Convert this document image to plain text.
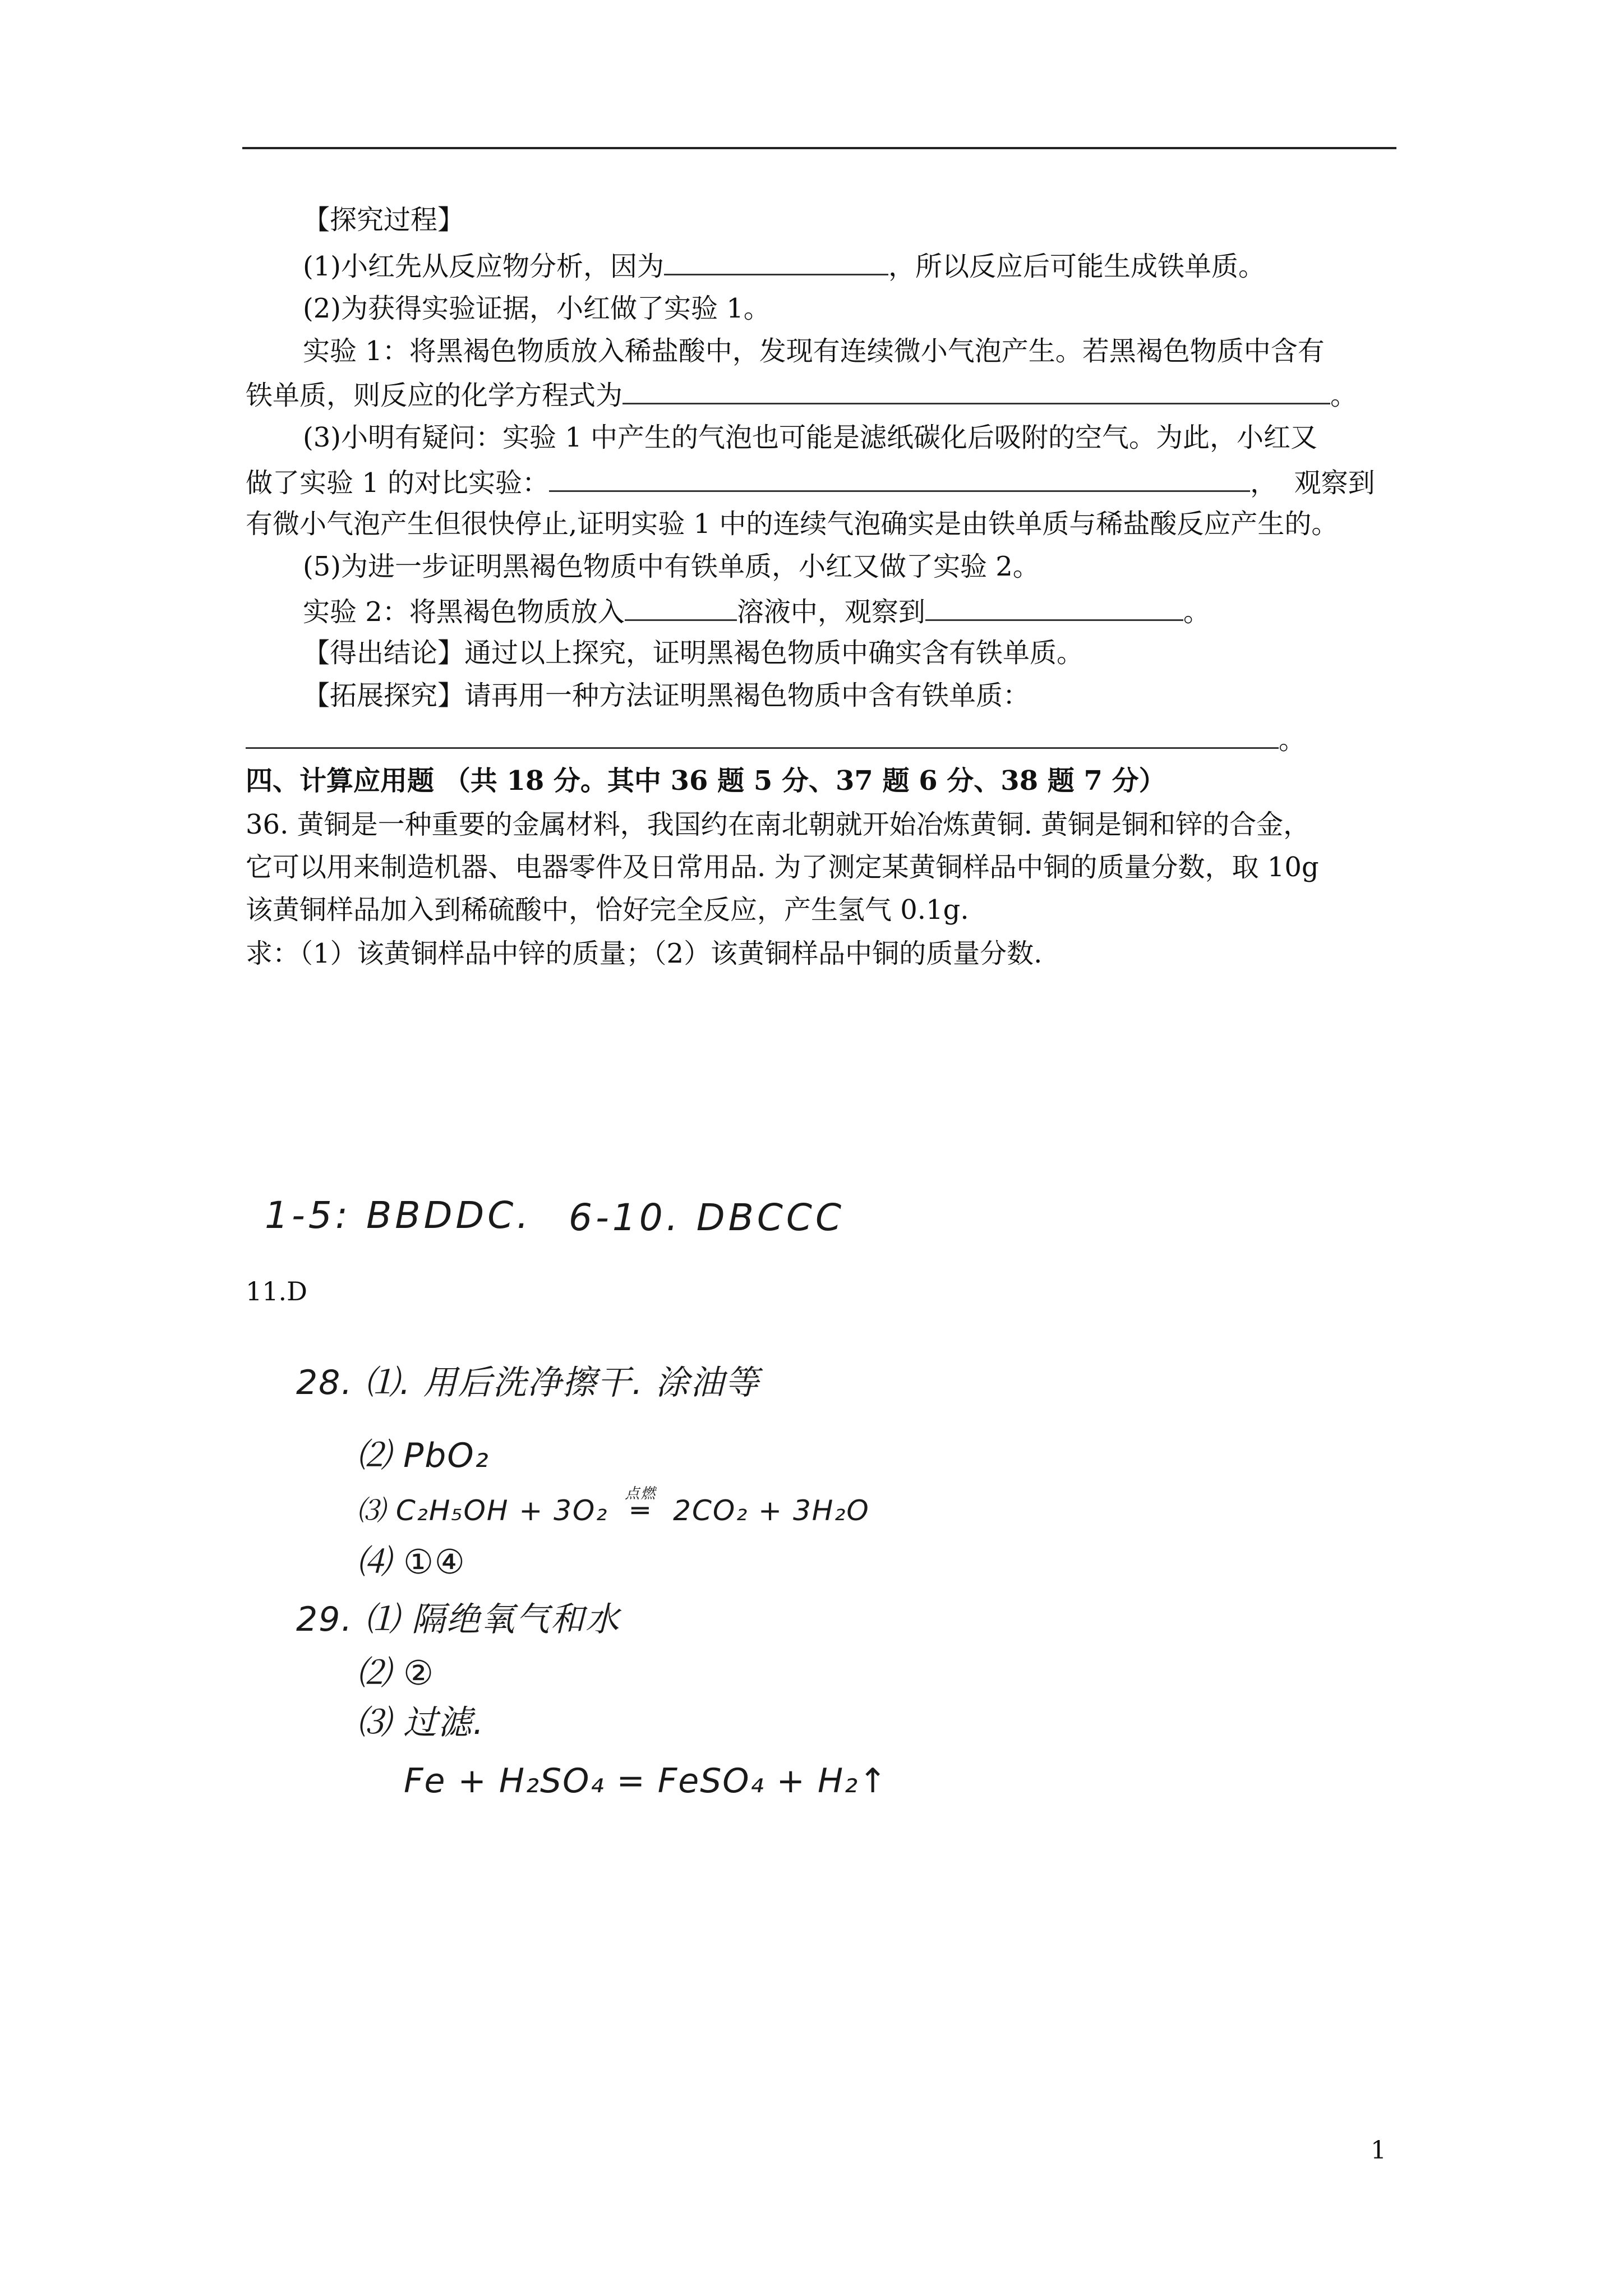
【探究过程】
(1)小红先从反应物分析，因为	，所以反应后可能生成铁单质。
(2)为获得实验证据，小红做了实验 1。
实验 1：将黑褐色物质放入稀盐酸中，发现有连续微小气泡产生。若黑褐色物质中含有
铁单质，则反应的化学方程式为	。
(3)小明有疑问：实验 1 中产生的气泡也可能是滤纸碳化后吸附的空气。为此，小红又
做了实验 1 的对比实验：	，  观察到
有微小气泡产生但很快停止,证明实验 1 中的连续气泡确实是由铁单质与稀盐酸反应产生的。
(5)为进一步证明黑褐色物质中有铁单质，小红又做了实验 2。
实验 2：将黑褐色物质放入	溶液中，观察到	。
【得出结论】通过以上探究，证明黑褐色物质中确实含有铁单质。
【拓展探究】请再用一种方法证明黑褐色物质中含有铁单质：
。
四、计算应用题 （共 18 分。其中 36 题 5 分、37 题 6 分、38 题 7 分）
36. 黄铜是一种重要的金属材料，我国约在南北朝就开始冶炼黄铜. 黄铜是铜和锌的合金，
它可以用来制造机器、电器零件及日常用品. 为了测定某黄铜样品中铜的质量分数，取 10g
该黄铜样品加入到稀硫酸中，恰好完全反应，产生氢气 0.1g.
求：（1）该黄铜样品中锌的质量；（2）该黄铜样品中铜的质量分数.
1-5: BBDDC. 6-10. DBCCC
11.D
28. ⑴. 用后洗净擦干. 涂油等
⑵ PbO₂
⑶ C₂H₅OH + 3O₂
点燃
═ 2CO₂ + 3H₂O
⑷ ①④
29. ⑴ 隔绝氧气和水
⑵ ②
⑶ 过滤.
Fe + H₂SO₄ = FeSO₄ + H₂↑
1
